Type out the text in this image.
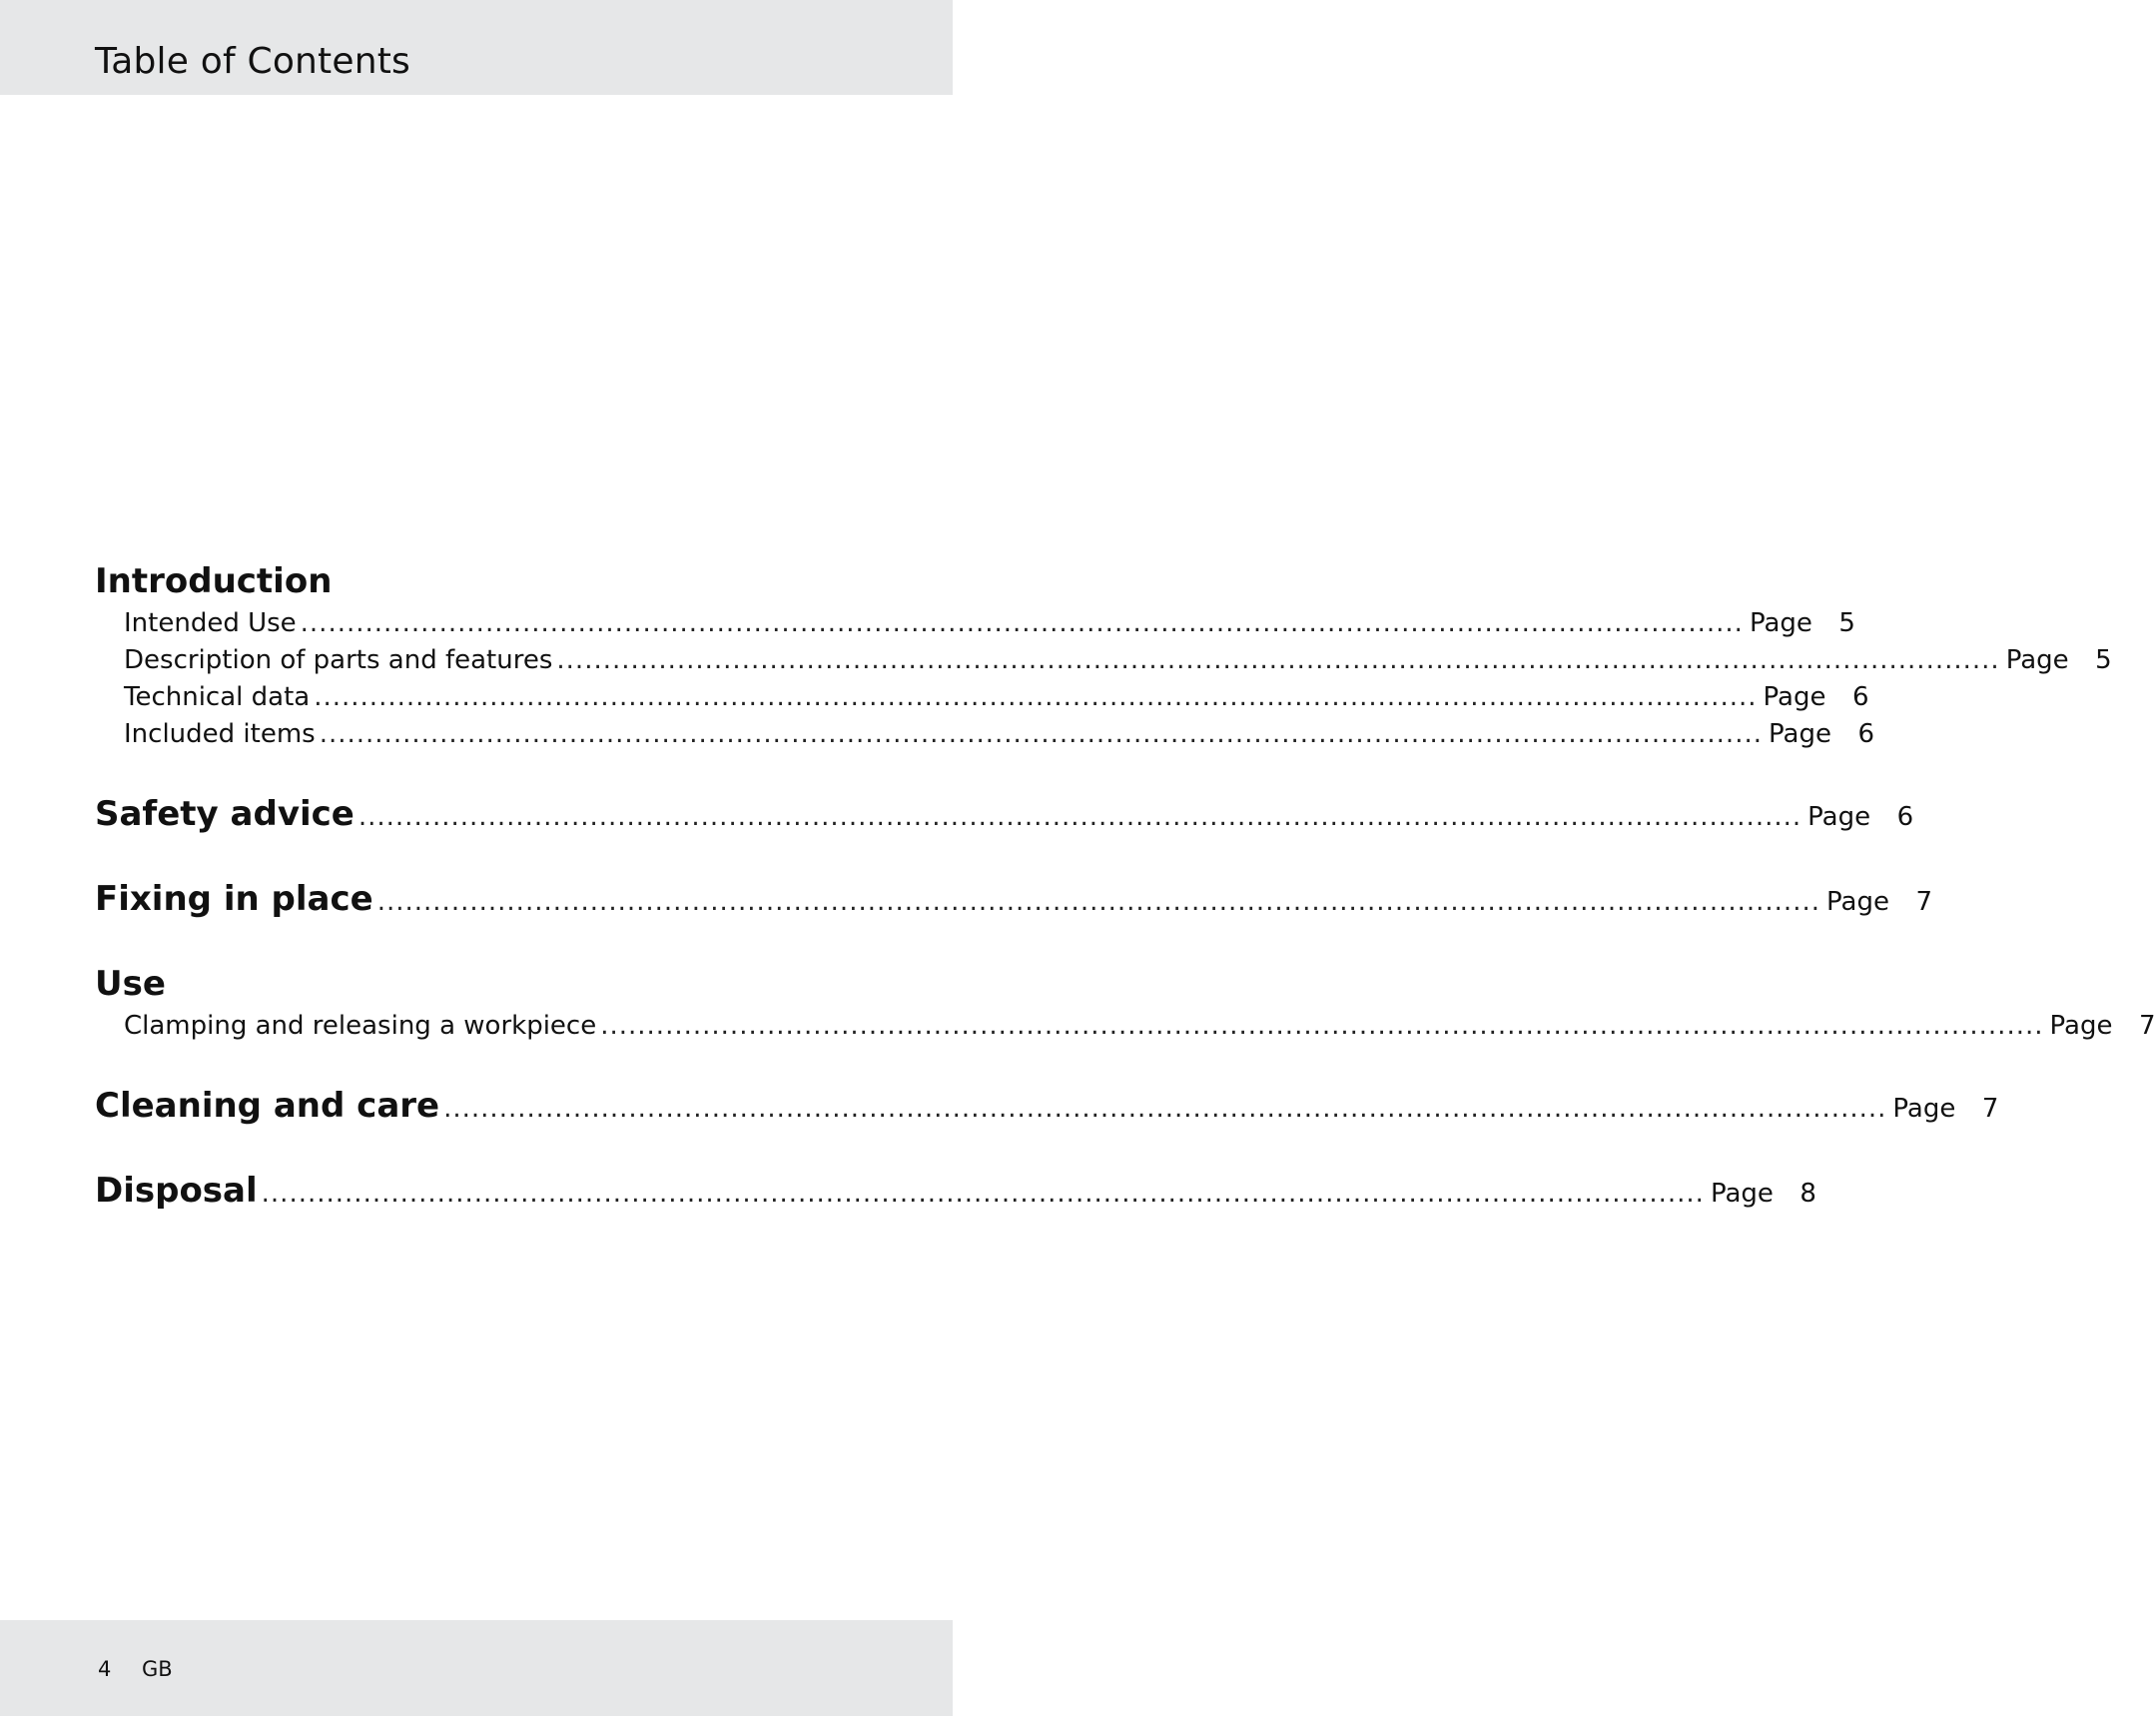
Table of Contents
Introduction
Intended Use ............................................................................................................................................................ Page 5
Description of parts and features ............................................................................................................................................................ Page 5
Technical data ............................................................................................................................................................ Page 6
Included items ............................................................................................................................................................ Page 6
Safety advice ............................................................................................................................................................ Page 6
Fixing in place ............................................................................................................................................................ Page 7
Use
Clamping and releasing a workpiece ............................................................................................................................................................ Page 7
Cleaning and care ............................................................................................................................................................ Page 7
Disposal ............................................................................................................................................................ Page 8
4 GB
